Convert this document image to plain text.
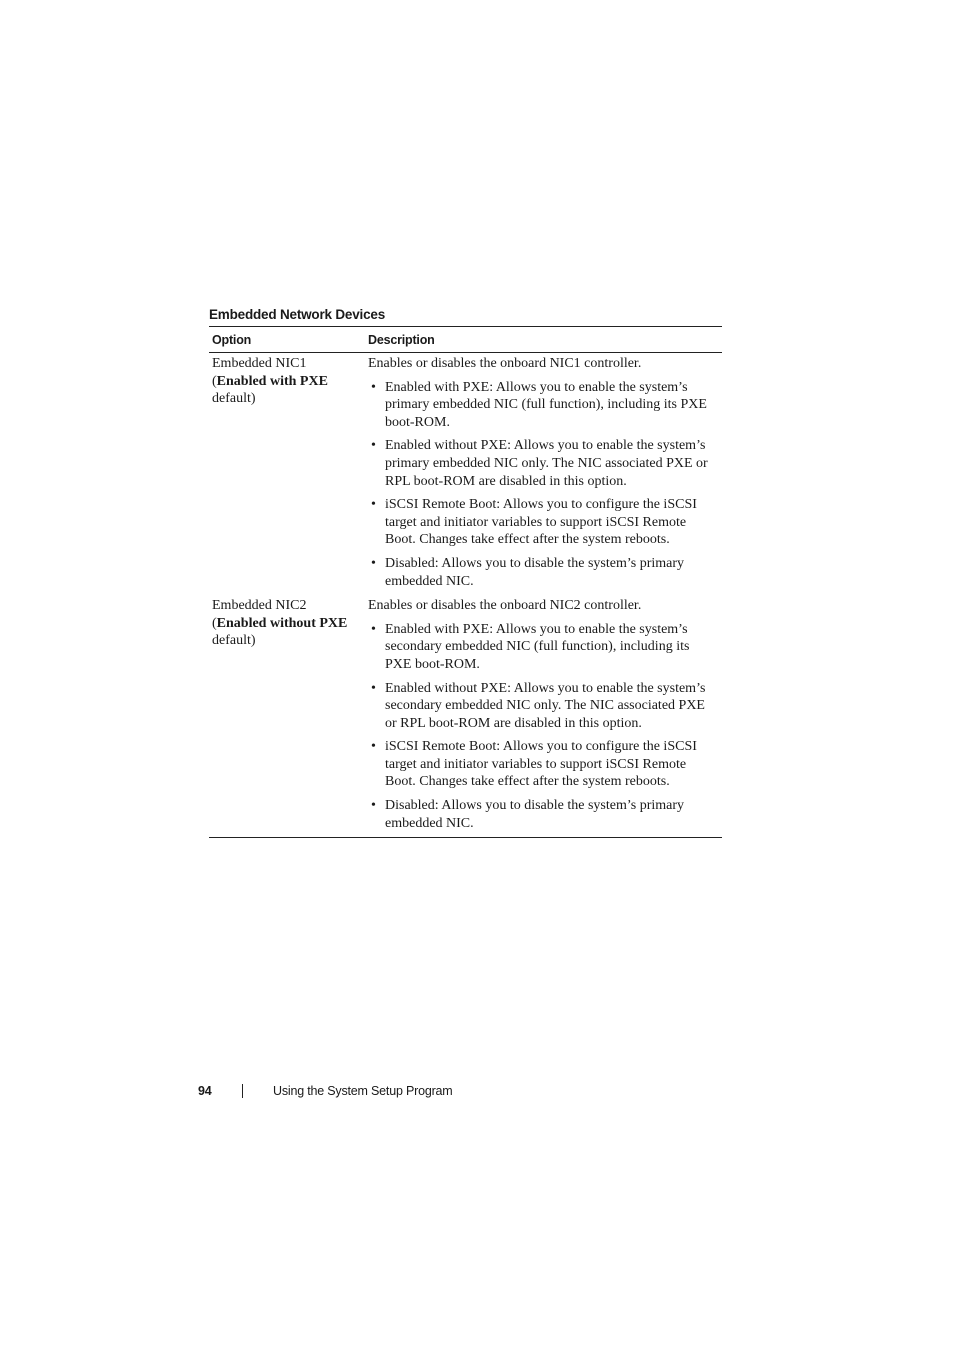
Embedded Network Devices
Option	Description
Embedded NIC1
(Enabled with PXE
default)

Enables or disables the onboard NIC1 controller.

• Enabled with PXE: Allows you to enable the system’s primary embedded NIC (full function), including its PXE boot-ROM.
• Enabled without PXE: Allows you to enable the system’s primary embedded NIC only. The NIC associated PXE or RPL boot-ROM are disabled in this option.
• iSCSI Remote Boot: Allows you to configure the iSCSI target and initiator variables to support iSCSI Remote Boot. Changes take effect after the system reboots.
• Disabled: Allows you to disable the system’s primary embedded NIC.
Embedded NIC2
(Enabled without PXE
default)

Enables or disables the onboard NIC2 controller.

• Enabled with PXE: Allows you to enable the system’s secondary embedded NIC (full function), including its PXE boot-ROM.
• Enabled without PXE: Allows you to enable the system’s secondary embedded NIC only. The NIC associated PXE or RPL boot-ROM are disabled in this option.
• iSCSI Remote Boot: Allows you to configure the iSCSI target and initiator variables to support iSCSI Remote Boot. Changes take effect after the system reboots.
• Disabled: Allows you to disable the system’s primary embedded NIC.
94	Using the System Setup Program
